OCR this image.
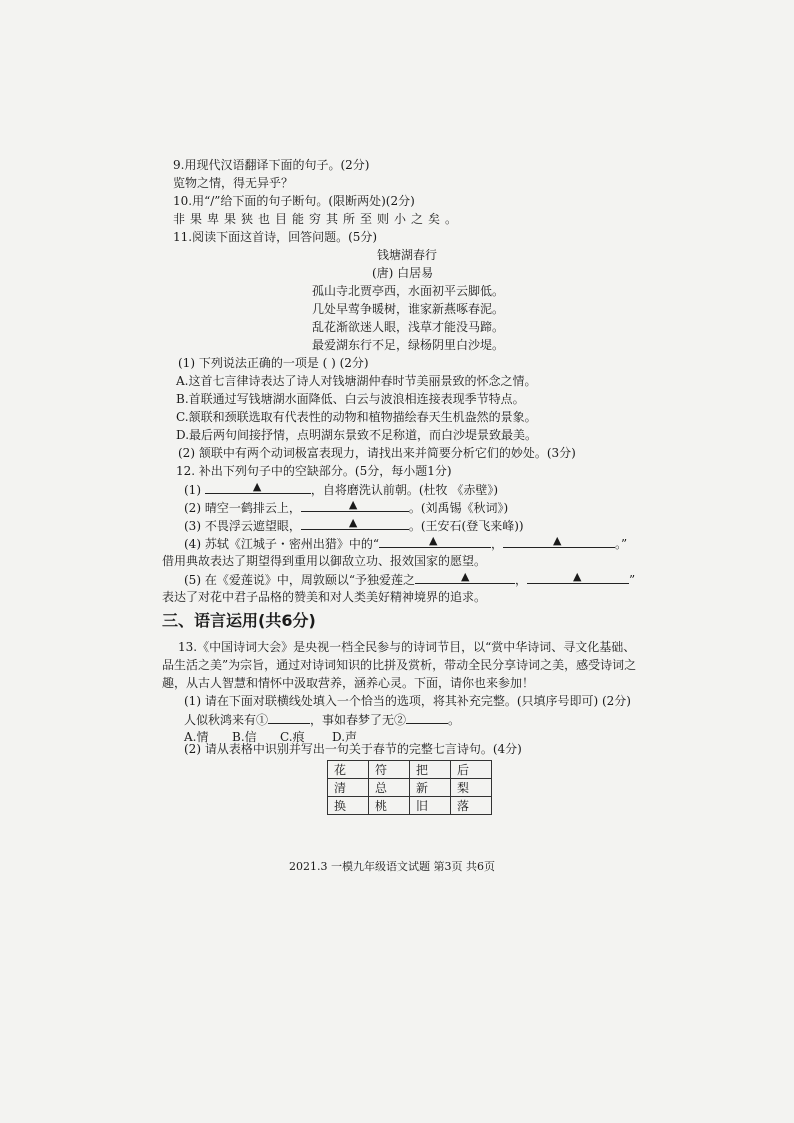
9.用现代汉语翻译下面的句子。(2分)
览物之情，得无异乎？
10.用“/”给下面的句子断句。(限断两处)(2分)
非果卑果狭也目能穷其所至则小之矣。
11.阅读下面这首诗，回答问题。(5分)
钱塘湖春行
(唐) 白居易
孤山寺北贾亭西，水面初平云脚低。
几处早莺争暖树，谁家新燕啄春泥。
乱花渐欲迷人眼，浅草才能没马蹄。
最爱湖东行不足，绿杨阴里白沙堤。
(1) 下列说法正确的一项是 ( ) (2分)
A.这首七言律诗表达了诗人对钱塘湖仲春时节美丽景致的怀念之情。
B.首联通过写钱塘湖水面降低、白云与波浪相连接表现季节特点。
C.颔联和颈联选取有代表性的动物和植物描绘春天生机盎然的景象。
D.最后两句间接抒情，点明湖东景致不足称道，而白沙堤景致最美。
(2) 颔联中有两个动词极富表现力，请找出来并简要分析它们的妙处。(3分)
12. 补出下列句子中的空缺部分。(5分，每小题1分)
(1)	▲	，自将磨洗认前朝。(杜牧 《赤壁》)
(2) 晴空一鹤排云上，	▲	。(刘禹锡《秋词》)
(3) 不畏浮云遮望眼，	▲	。(王安石(登飞来峰))
(4) 苏轼《江城子・密州出猎》中的“	▲	，	▲	。”
借用典故表达了期望得到重用以御敌立功、报效国家的愿望。
(5) 在《爱莲说》中，周敦颐以“予独爱莲之	▲	，	▲	”
表达了对花中君子品格的赞美和对人类美好精神境界的追求。
三、语言运用(共6分)
13.《中国诗词大会》是央视一档全民参与的诗词节目，以“赏中华诗词、寻文化基础、
品生活之美”为宗旨，通过对诗词知识的比拼及赏析，带动全民分享诗词之美，感受诗词之
趣，从古人智慧和情怀中汲取营养，涵养心灵。下面，请你也来参加！
(1) 请在下面对联横线处填入一个恰当的选项，将其补充完整。(只填序号即可) (2分)
人似秋鸿来有①	，事如春梦了无②	。
A.情 B.信 C.痕 D.声
(2) 请从表格中识别并写出一句关于春节的完整七言诗句。(4分)
花	符	把	后
清	总	新	梨
换	桃	旧	落
2021.3 一模九年级语文试题 第3页 共6页
